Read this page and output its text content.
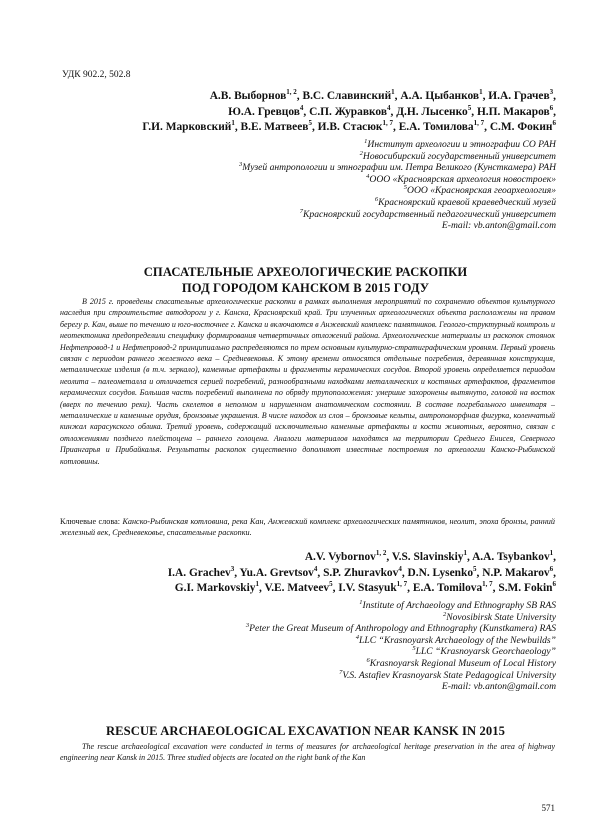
УДК 902.2, 502.8
А.В. Выборнов$^{1, 2}$, В.С. Славинский$^1$, А.А. Цыбанков$^1$, И.А. Грачев$^3$,
Ю.А. Гревцов$^4$, С.П. Журавков$^4$, Д.Н. Лысенко$^5$, Н.П. Макаров$^6$,
Г.И. Марковский$^1$, В.Е. Матвеев$^5$, И.В. Стасюк$^{1, 7}$, Е.А. Томилова$^{1, 7}$, С.М. Фокин$^6$
$^1$Институт археологии и этнографии СО РАН
$^2$Новосибирский государственный университет
$^3$Музей антропологии и этнографии им. Петра Великого (Кунсткамера) РАН
$^4$ООО «Красноярская археология новостроек»
$^5$ООО «Красноярская геоархеология»
$^6$Красноярский краевой краеведческий музей
$^7$Красноярский государственный педагогический университет
E-mail: vb.anton@gmail.com
СПАСАТЕЛЬНЫЕ АРХЕОЛОГИЧЕСКИЕ РАСКОПКИ
ПОД ГОРОДОМ КАНСКОМ В 2015 ГОДУ

В 2015 г. проведены спасательные археологические раскопки в рамках выполнения мероприятий по сохранению объектов культурного наследия при строительстве автодороги у г. Канска, Красноярский край. Три изученных археологических объекта расположены на правом берегу р. Кан, выше по течению и юго-восточнее г. Канска и включаются в Анжевский комплекс памятников. Геолого-структурный контроль и неотектоника предопределили специфику формирования четвертичных отложений района. Археологические материалы из раскопок стоянок Нефтепровод-1 и Нефтепровод-2 принципиально распределяются по трем основным культурно-стратиграфическим уровням. Первый уровень связан с периодом раннего железного века – Средневековья. К этому времени относятся отдельные погребения, деревянная конструкция, металлические изделия (в т.ч. зеркало), каменные артефакты и фрагменты керамических сосудов. Второй уровень определяется периодом неолита – палеометалла и отличается серией погребений, разнообразными находками металлических и костяных артефактов, фрагментов керамических сосудов. Большая часть погребений выполнена по обряду трупоположения: умершие захоронены вытянуто, головой на восток (вверх по течению реки). Часть скелетов в неполном и нарушенном анатомическом состоянии. В составе погребального инвентаря – металлические и каменные орудия, бронзовые украшения. В числе находок из слоя – бронзовые кельты, антропоморфная фигурка, коленчатый кинжал карасукского облика. Третий уровень, содержащий исключительно каменные артефакты и кости животных, вероятно, связан с отложениями позднего плейстоцена – раннего голоцена. Аналоги материалов находятся на территории Среднего Енисея, Северного Приангарья и Прибайкалья. Результаты раскопок существенно дополняют известные построения по археологии Канско-Рыбинской котловины.

Ключевые слова: Канско-Рыбинская котловина, река Кан, Анжевский комплекс археологических памятников, неолит, эпоха бронзы, ранний железный век, Средневековье, спасательные раскопки.

A.V. Vybornov$^{1, 2}$, V.S. Slavinskiy$^1$, A.A. Tsybankov$^1$,
I.A. Grachev$^3$, Yu.A. Grevtsov$^4$, S.P. Zhuravkov$^4$, D.N. Lysenko$^5$, N.P. Makarov$^6$,
G.I. Markovskiy$^1$, V.E. Matveev$^5$, I.V. Stasyuk$^{1, 7}$, E.A. Tomilova$^{1, 7}$, S.M. Fokin$^6$
$^1$Institute of Archaeology and Ethnography SB RAS
$^2$Novosibirsk State University
$^3$Peter the Great Museum of Anthropology and Ethnography (Kunstkamera) RAS
$^4$LLC “Krasnoyarsk Archaeology of the Newbuilds”
$^5$LLC “Krasnoyarsk Georchaeology”
$^6$Krasnoyarsk Regional Museum of Local History
$^7$V.S. Astafiev Krasnoyarsk State Pedagogical University
E-mail: vb.anton@gmail.com
RESCUE ARCHAEOLOGICAL EXCAVATION NEAR KANSK IN 2015

The rescue archaeological excavation were conducted in terms of measures for archaeological heritage preservation in the area of highway engineering near Kansk in 2015. Three studied objects are located on the right bank of the Kan

571
